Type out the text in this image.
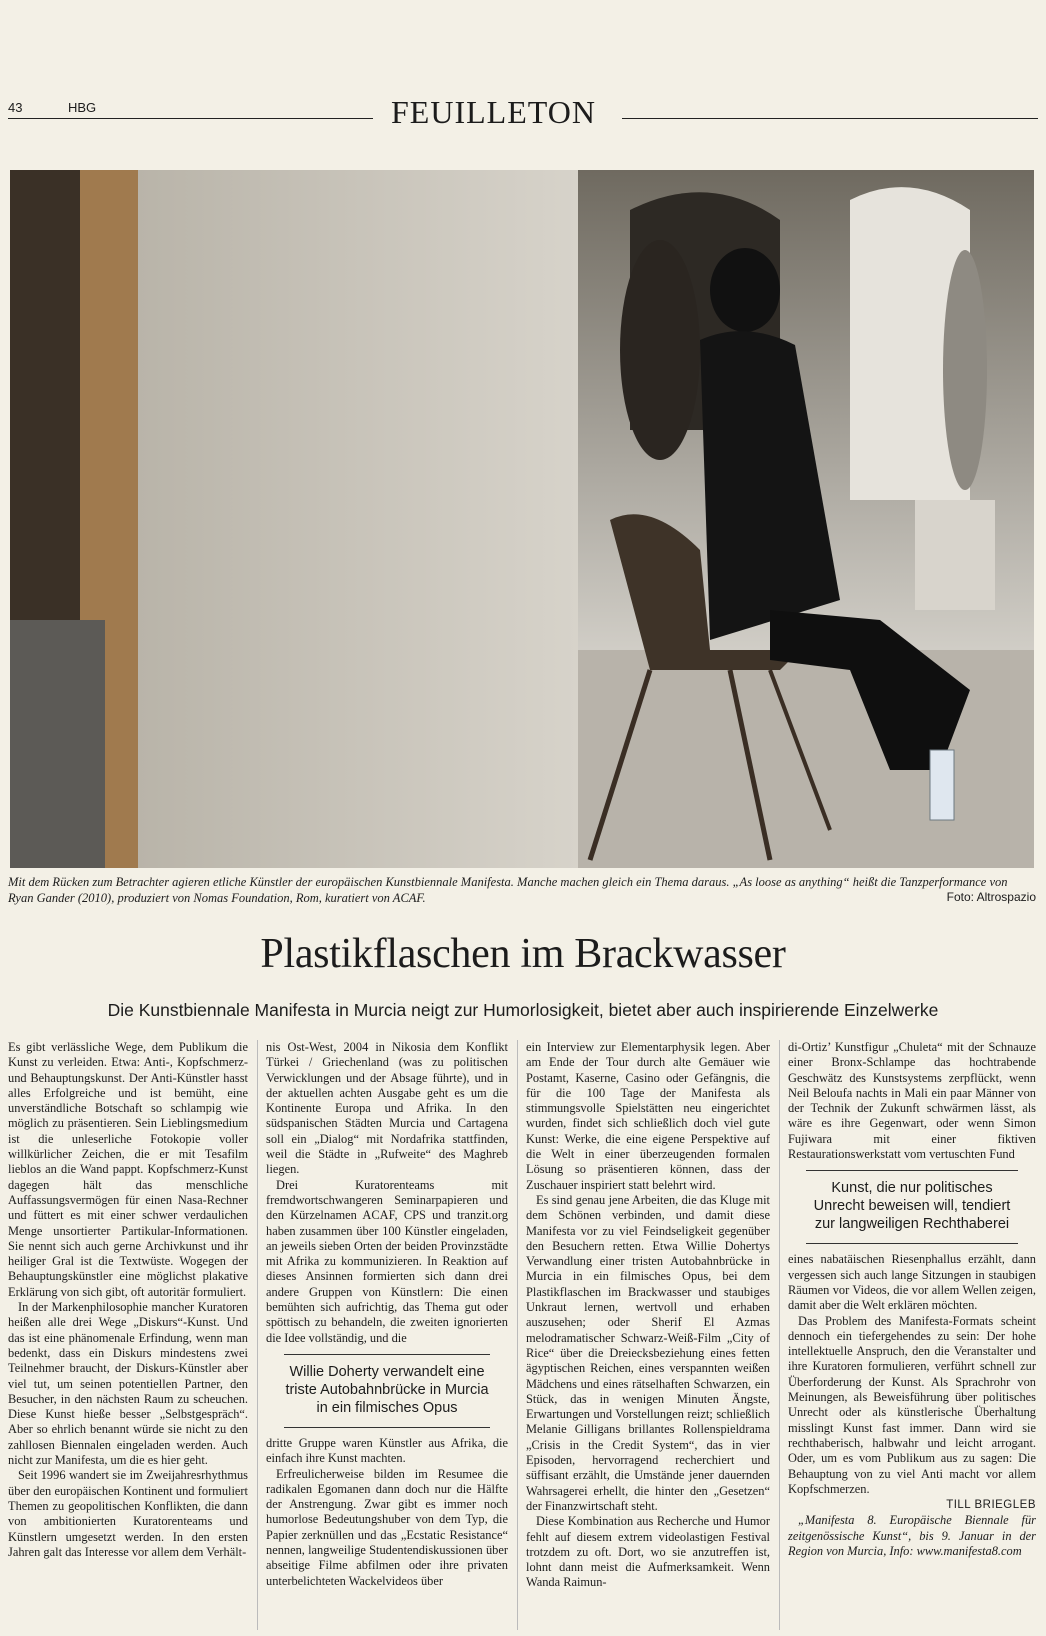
43	HBG	FEUILLETON
Mit dem Rücken zum Betrachter agieren etliche Künstler der europäischen Kunstbiennale Manifesta. Manche machen gleich ein Thema daraus. „As loose as anything“ heißt die Tanzperformance von Ryan Gander (2010), produziert von Nomas Foundation, Rom, kuratiert von ACAF.	Foto: Altrospazio
Plastikflaschen im Brackwasser
Die Kunstbiennale Manifesta in Murcia neigt zur Humorlosigkeit, bietet aber auch inspirierende Einzelwerke

Es gibt verlässliche Wege, dem Publikum die Kunst zu verleiden. Etwa: Anti-, Kopfschmerz- und Behauptungskunst. Der Anti-Künstler hasst alles Erfolgreiche und ist bemüht, eine unverständliche Botschaft so schlampig wie möglich zu präsentieren. Sein Lieblingsmedium ist die unleserliche Fotokopie voller willkürlicher Zeichen, die er mit Tesafilm lieblos an die Wand pappt. Kopfschmerz-Kunst dagegen hält das menschliche Auffassungsvermögen für einen Nasa-Rechner und füttert es mit einer schwer verdaulichen Menge unsortierter Partikular-Informationen. Sie nennt sich auch gerne Archivkunst und ihr heiliger Gral ist die Textwüste. Wogegen der Behauptungskünstler eine möglichst plakative Erklärung von sich gibt, oft autoritär formuliert.

In der Markenphilosophie mancher Kuratoren heißen alle drei Wege „Diskurs“-Kunst. Und das ist eine phänomenale Erfindung, wenn man bedenkt, dass ein Diskurs mindestens zwei Teilnehmer braucht, der Diskurs-Künstler aber viel tut, um seinen potentiellen Partner, den Besucher, in den nächsten Raum zu scheuchen. Diese Kunst hieße besser „Selbstgespräch“. Aber so ehrlich benannt würde sie nicht zu den zahllosen Biennalen eingeladen werden. Auch nicht zur Manifesta, um die es hier geht.

Seit 1996 wandert sie im Zweijahresrhythmus über den europäischen Kontinent und formuliert Themen zu geopolitischen Konflikten, die dann von ambitionierten Kuratorenteams und Künstlern umgesetzt werden. In den ersten Jahren galt das Interesse vor allem dem Verhält-

nis Ost-West, 2004 in Nikosia dem Konflikt Türkei / Griechenland (was zu politischen Verwicklungen und der Absage führte), und in der aktuellen achten Ausgabe geht es um die Kontinente Europa und Afrika. In den südspanischen Städten Murcia und Cartagena soll ein „Dialog“ mit Nordafrika stattfinden, weil die Städte in „Rufweite“ des Maghreb liegen.

Drei Kuratorenteams mit fremdwortschwangeren Seminarpapieren und den Kürzelnamen ACAF, CPS und tranzit.org haben zusammen über 100 Künstler eingeladen, an jeweils sieben Orten der beiden Provinzstädte mit Afrika zu kommunizieren. In Reaktion auf dieses Ansinnen formierten sich dann drei andere Gruppen von Künstlern: Die einen bemühten sich aufrichtig, das Thema gut oder spöttisch zu behandeln, die zweiten ignorierten die Idee vollständig, und die

Willie Doherty verwandelt eine triste Autobahnbrücke in Murcia in ein filmisches Opus

dritte Gruppe waren Künstler aus Afrika, die einfach ihre Kunst machten.

Erfreulicherweise bilden im Resumee die radikalen Egomanen dann doch nur die Hälfte der Anstrengung. Zwar gibt es immer noch humorlose Bedeutungshuber von dem Typ, die Papier zerknüllen und das „Ecstatic Resistance“ nennen, langweilige Studentendiskussionen über abseitige Filme abfilmen oder ihre privaten unterbelichteten Wackelvideos über

ein Interview zur Elementarphysik legen. Aber am Ende der Tour durch alte Gemäuer wie Postamt, Kaserne, Casino oder Gefängnis, die für die 100 Tage der Manifesta als stimmungsvolle Spielstätten neu eingerichtet wurden, findet sich schließlich doch viel gute Kunst: Werke, die eine eigene Perspektive auf die Welt in einer überzeugenden formalen Lösung so präsentieren können, dass der Zuschauer inspiriert statt belehrt wird.

Es sind genau jene Arbeiten, die das Kluge mit dem Schönen verbinden, und damit diese Manifesta vor zu viel Feindseligkeit gegenüber den Besuchern retten. Etwa Willie Dohertys Verwandlung einer tristen Autobahnbrücke in Murcia in ein filmisches Opus, bei dem Plastikflaschen im Brackwasser und staubiges Unkraut lernen, wertvoll und erhaben auszusehen; oder Sherif El Azmas melodramatischer Schwarz-Weiß-Film „City of Rice“ über die Dreiecksbeziehung eines fetten ägyptischen Reichen, eines verspannten weißen Mädchens und eines rätselhaften Schwarzen, ein Stück, das in wenigen Minuten Ängste, Erwartungen und Vorstellungen reizt; schließlich Melanie Gilligans brillantes Rollenspieldrama „Crisis in the Credit System“, das in vier Episoden, hervorragend recherchiert und süffisant erzählt, die Umstände jener dauernden Wahrsagerei erhellt, die hinter den „Gesetzen“ der Finanzwirtschaft steht.

Diese Kombination aus Recherche und Humor fehlt auf diesem extrem videolastigen Festival trotzdem zu oft. Dort, wo sie anzutreffen ist, lohnt dann meist die Aufmerksamkeit. Wenn Wanda Raimun-

di-Ortiz’ Kunstfigur „Chuleta“ mit der Schnauze einer Bronx-Schlampe das hochtrabende Geschwätz des Kunstsystems zerpflückt, wenn Neil Beloufa nachts in Mali ein paar Männer von der Technik der Zukunft schwärmen lässt, als wäre es ihre Gegenwart, oder wenn Simon Fujiwara mit einer fiktiven Restaurationswerkstatt vom vertuschten Fund

Kunst, die nur politisches Unrecht beweisen will, tendiert zur langweiligen Rechthaberei

eines nabatäischen Riesenphallus erzählt, dann vergessen sich auch lange Sitzungen in staubigen Räumen vor Videos, die vor allem Wellen zeigen, damit aber die Welt erklären möchten.

Das Problem des Manifesta-Formats scheint dennoch ein tiefergehendes zu sein: Der hohe intellektuelle Anspruch, den die Veranstalter und ihre Kuratoren formulieren, verführt schnell zur Überforderung der Kunst. Als Sprachrohr von Meinungen, als Beweisführung über politisches Unrecht oder als künstlerische Überhaltung misslingt Kunst fast immer. Dann wird sie rechthaberisch, halbwahr und leicht arrogant. Oder, um es vom Publikum aus zu sagen: Die Behauptung von zu viel Anti macht vor allem Kopfschmerzen.

TILL BRIEGLEB

„Manifesta 8. Europäische Biennale für zeitgenössische Kunst“, bis 9. Januar in der Region von Murcia, Info: www.manifesta8.com
